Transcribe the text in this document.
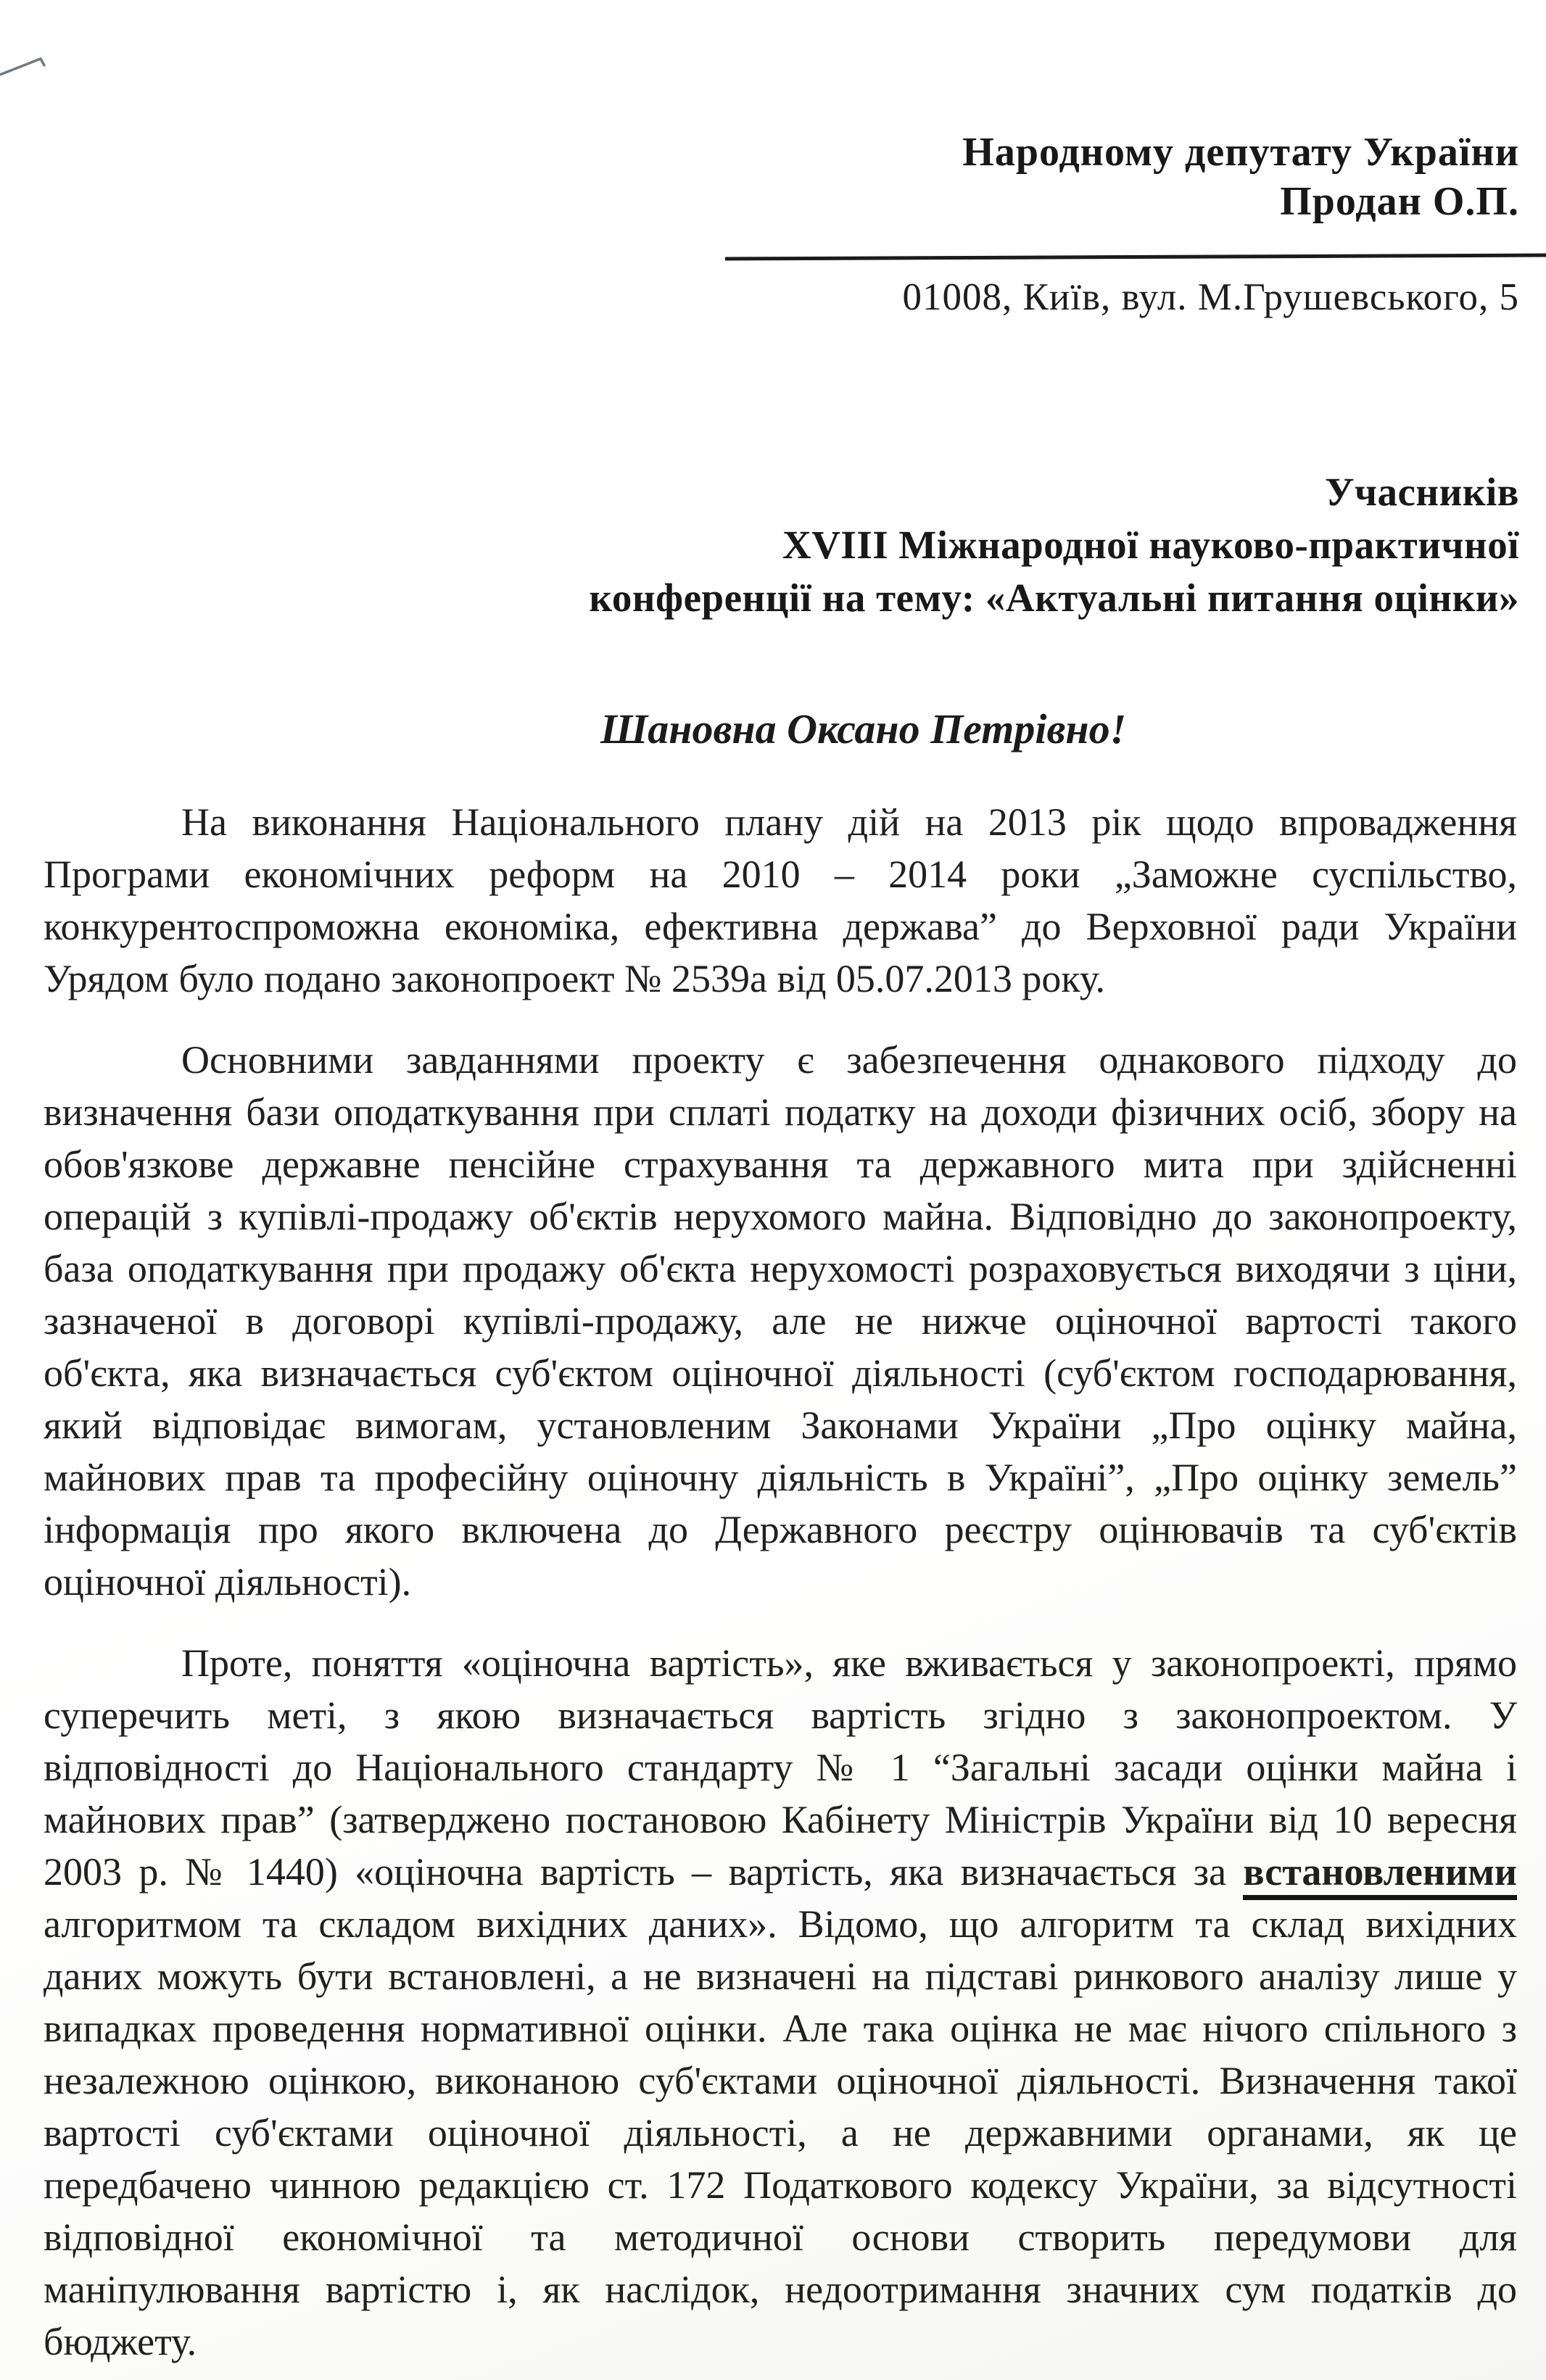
Народному депутату України
Продан О.П.
01008, Київ, вул. М.Грушевського, 5
Учасників
XVIII Міжнародної науково-практичної
конференції на тему: «Актуальні питання оцінки»
Шановна Оксано Петрівно!
На виконання Національного плану дій на 2013 рік щодо впровадження
Програми економічних реформ на 2010 – 2014 роки „Заможне суспільство,
конкурентоспроможна економіка, ефективна держава” до Верховної ради України
Урядом було подано законопроект № 2539а від 05.07.2013 року.
Основними завданнями проекту є забезпечення однакового підходу до
визначення бази оподаткування при сплаті податку на доходи фізичних осіб, збору на
обов'язкове державне пенсійне страхування та державного мита при здійсненні
операцій з купівлі-продажу об'єктів нерухомого майна. Відповідно до законопроекту,
база оподаткування при продажу об'єкта нерухомості розраховується виходячи з ціни,
зазначеної в договорі купівлі-продажу, але не нижче оціночної вартості такого
об'єкта, яка визначається суб'єктом оціночної діяльності (суб'єктом господарювання,
який відповідає вимогам, установленим Законами України „Про оцінку майна,
майнових прав та професійну оціночну діяльність в Україні”, „Про оцінку земель”
інформація про якого включена до Державного реєстру оцінювачів та суб'єктів
оціночної діяльності).
Проте, поняття «оціночна вартість», яке вживається у законопроекті, прямо
суперечить меті, з якою визначається вартість згідно з законопроектом. У
відповідності до Національного стандарту № 1 “Загальні засади оцінки майна і
майнових прав” (затверджено постановою Кабінету Міністрів України від 10 вересня
2003 р. № 1440) «оціночна вартість – вартість, яка визначається за встановленими
алгоритмом та складом вихідних даних». Відомо, що алгоритм та склад вихідних
даних можуть бути встановлені, а не визначені на підставі ринкового аналізу лише у
випадках проведення нормативної оцінки. Але така оцінка не має нічого спільного з
незалежною оцінкою, виконаною суб'єктами оціночної діяльності. Визначення такої
вартості суб'єктами оціночної діяльності, а не державними органами, як це
передбачено чинною редакцією ст. 172 Податкового кодексу України, за відсутності
відповідної економічної та методичної основи створить передумови для
маніпулювання вартістю і, як наслідок, недоотримання значних сум податків до
бюджету.
